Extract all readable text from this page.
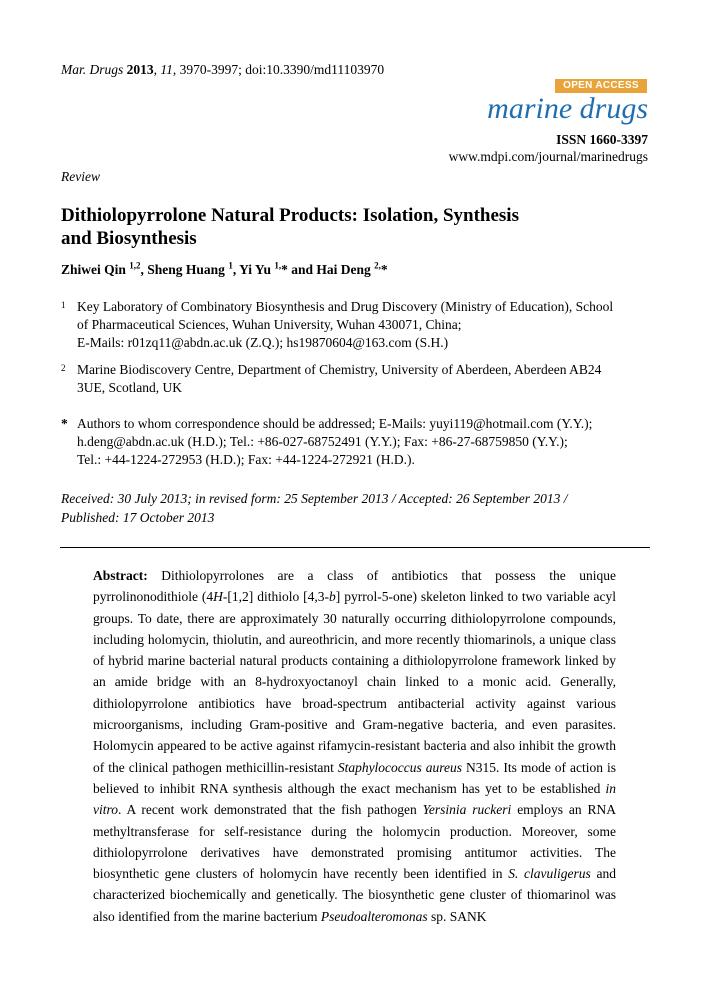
Mar. Drugs 2013, 11, 3970-3997; doi:10.3390/md11103970
OPEN ACCESS
marine drugs
ISSN 1660-3397
www.mdpi.com/journal/marinedrugs
Review
Dithiolopyrrolone Natural Products: Isolation, Synthesis
and Biosynthesis
Zhiwei Qin $^{1,2}$, Sheng Huang $^1$, Yi Yu $^{1,}$* and Hai Deng $^{2,}$*
1 Key Laboratory of Combinatory Biosynthesis and Drug Discovery (Ministry of Education), School
of Pharmaceutical Sciences, Wuhan University, Wuhan 430071, China;
E-Mails: r01zq11@abdn.ac.uk (Z.Q.); hs19870604@163.com (S.H.)
2 Marine Biodiscovery Centre, Department of Chemistry, University of Aberdeen, Aberdeen AB24
3UE, Scotland, UK
* Authors to whom correspondence should be addressed; E-Mails: yuyi119@hotmail.com (Y.Y.);
h.deng@abdn.ac.uk (H.D.); Tel.: +86-027-68752491 (Y.Y.); Fax: +86-27-68759850 (Y.Y.);
Tel.: +44-1224-272953 (H.D.); Fax: +44-1224-272921 (H.D.).
Received: 30 July 2013; in revised form: 25 September 2013 / Accepted: 26 September 2013 /
Published: 17 October 2013

Abstract: Dithiolopyrrolones are a class of antibiotics that possess the unique pyrrolinonodithiole (4H-[1,2] dithiolo [4,3-b] pyrrol-5-one) skeleton linked to two variable acyl groups. To date, there are approximately 30 naturally occurring dithiolopyrrolone compounds, including holomycin, thiolutin, and aureothricin, and more recently thiomarinols, a unique class of hybrid marine bacterial natural products containing a dithiolopyrrolone framework linked by an amide bridge with an 8-hydroxyoctanoyl chain linked to a monic acid. Generally, dithiolopyrrolone antibiotics have broad-spectrum antibacterial activity against various microorganisms, including Gram-positive and Gram-negative bacteria, and even parasites. Holomycin appeared to be active against rifamycin-resistant bacteria and also inhibit the growth of the clinical pathogen methicillin-resistant Staphylococcus aureus N315. Its mode of action is believed to inhibit RNA synthesis although the exact mechanism has yet to be established in vitro. A recent work demonstrated that the fish pathogen Yersinia ruckeri employs an RNA methyltransferase for self-resistance during the holomycin production. Moreover, some dithiolopyrrolone derivatives have demonstrated promising antitumor activities. The biosynthetic gene clusters of holomycin have recently been identified in S. clavuligerus and characterized biochemically and genetically. The biosynthetic gene cluster of thiomarinol was also identified from the marine bacterium Pseudoalteromonas sp. SANK
